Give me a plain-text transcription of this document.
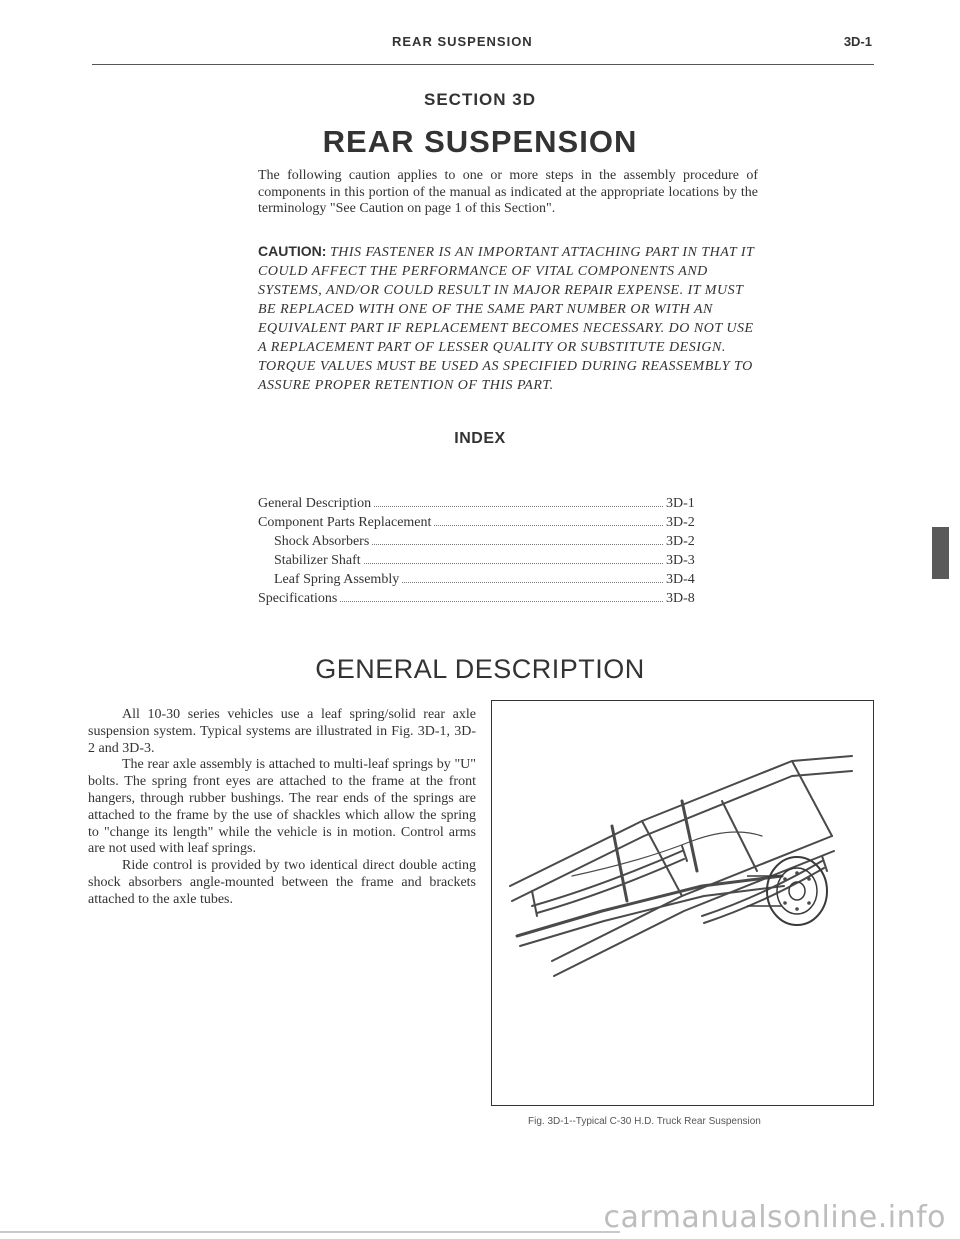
REAR SUSPENSION	3D-1
SECTION 3D
REAR SUSPENSION
The following caution applies to one or more steps in the assembly procedure of components in this portion of the manual as indicated at the appropriate locations by the terminology "See Caution on page 1 of this Section".
CAUTION: THIS FASTENER IS AN IMPORTANT ATTACHING PART IN THAT IT COULD AFFECT THE PERFORMANCE OF VITAL COMPONENTS AND SYSTEMS, AND/OR COULD RESULT IN MAJOR REPAIR EXPENSE. IT MUST BE REPLACED WITH ONE OF THE SAME PART NUMBER OR WITH AN EQUIVALENT PART IF REPLACEMENT BECOMES NECESSARY. DO NOT USE A REPLACEMENT PART OF LESSER QUALITY OR SUBSTITUTE DESIGN. TORQUE VALUES MUST BE USED AS SPECIFIED DURING REASSEMBLY TO ASSURE PROPER RETENTION OF THIS PART.
INDEX
General Description	3D-1
Component Parts Replacement	3D-2
Shock Absorbers	3D-2
Stabilizer Shaft	3D-3
Leaf Spring Assembly	3D-4
Specifications	3D-8
GENERAL DESCRIPTION

All 10-30 series vehicles use a leaf spring/solid rear axle suspension system. Typical systems are illustrated in Fig. 3D-1, 3D-2 and 3D-3.

The rear axle assembly is attached to multi-leaf springs by "U" bolts. The spring front eyes are attached to the frame at the front hangers, through rubber bushings. The rear ends of the springs are attached to the frame by the use of shackles which allow the spring to "change its length" while the vehicle is in motion. Control arms are not used with leaf springs.

Ride control is provided by two identical direct double acting shock absorbers angle-mounted between the frame and brackets attached to the axle tubes.

Fig. 3D-1--Typical C-30 H.D. Truck Rear Suspension
carmanualsonline.info
